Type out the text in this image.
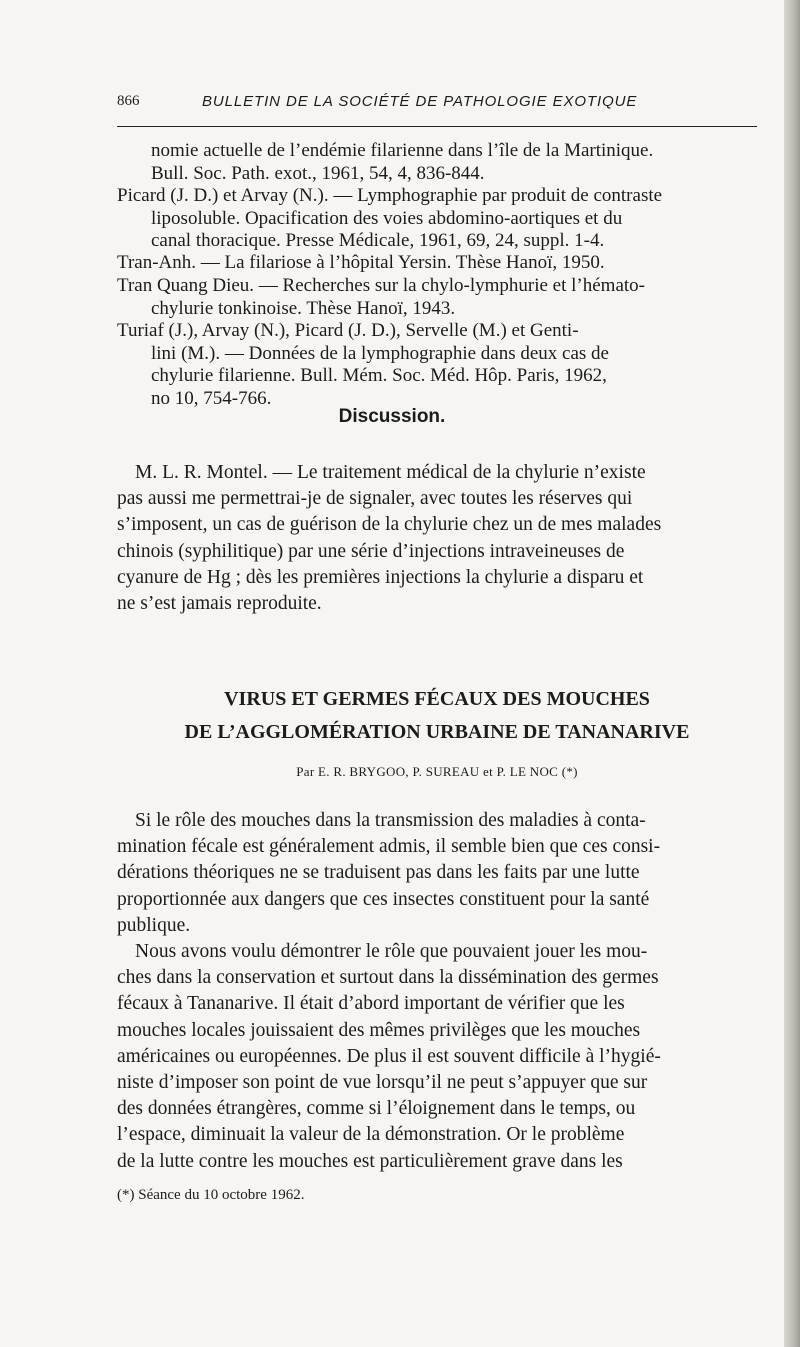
866	BULLETIN DE LA SOCIÉTÉ DE PATHOLOGIE EXOTIQUE
nomie actuelle de l’endémie filarienne dans l’île de la Martinique.
Bull. Soc. Path. exot., 1961, 54, 4, 836-844.
Picard (J. D.) et Arvay (N.). — Lymphographie par produit de contraste
liposoluble. Opacification des voies abdomino-aortiques et du
canal thoracique. Presse Médicale, 1961, 69, 24, suppl. 1-4.
Tran-Anh. — La filariose à l’hôpital Yersin. Thèse Hanoï, 1950.
Tran Quang Dieu. — Recherches sur la chylo-lymphurie et l’hémato-
chylurie tonkinoise. Thèse Hanoï, 1943.
Turiaf (J.), Arvay (N.), Picard (J. D.), Servelle (M.) et Genti-
lini (M.). — Données de la lymphographie dans deux cas de
chylurie filarienne. Bull. Mém. Soc. Méd. Hôp. Paris, 1962,
no 10, 754-766.
Discussion.
M. L. R. Montel. — Le traitement médical de la chylurie n’existe
pas aussi me permettrai-je de signaler, avec toutes les réserves qui
s’imposent, un cas de guérison de la chylurie chez un de mes malades
chinois (syphilitique) par une série d’injections intraveineuses de
cyanure de Hg ; dès les premières injections la chylurie a disparu et
ne s’est jamais reproduite.
VIRUS ET GERMES FÉCAUX DES MOUCHES
DE L’AGGLOMÉRATION URBAINE DE TANANARIVE
Par E. R. BRYGOO, P. SUREAU et P. LE NOC (*)
Si le rôle des mouches dans la transmission des maladies à conta-
mination fécale est généralement admis, il semble bien que ces consi-
dérations théoriques ne se traduisent pas dans les faits par une lutte
proportionnée aux dangers que ces insectes constituent pour la santé
publique.
Nous avons voulu démontrer le rôle que pouvaient jouer les mou-
ches dans la conservation et surtout dans la dissémination des germes
fécaux à Tananarive. Il était d’abord important de vérifier que les
mouches locales jouissaient des mêmes privilèges que les mouches
américaines ou européennes. De plus il est souvent difficile à l’hygié-
niste d’imposer son point de vue lorsqu’il ne peut s’appuyer que sur
des données étrangères, comme si l’éloignement dans le temps, ou
l’espace, diminuait la valeur de la démonstration. Or le problème
de la lutte contre les mouches est particulièrement grave dans les
(*) Séance du 10 octobre 1962.
